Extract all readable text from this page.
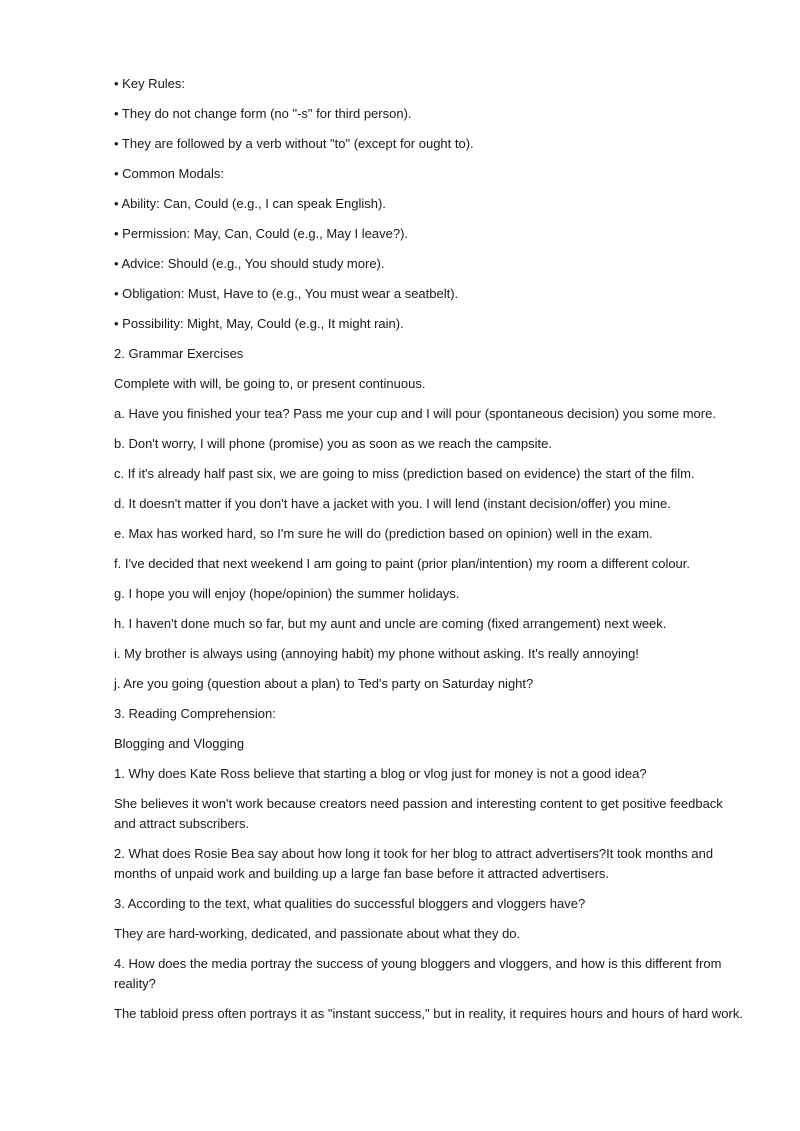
• Key Rules:

• They do not change form (no "-s" for third person).

• They are followed by a verb without "to" (except for ought to).

• Common Modals:

• Ability: Can, Could (e.g., I can speak English).

• Permission: May, Can, Could (e.g., May I leave?).

• Advice: Should (e.g., You should study more).

• Obligation: Must, Have to (e.g., You must wear a seatbelt).

• Possibility: Might, May, Could (e.g., It might rain).

2. Grammar Exercises

Complete with will, be going to, or present continuous.

a. Have you finished your tea? Pass me your cup and I will pour (spontaneous decision) you some more.

b. Don't worry, I will phone (promise) you as soon as we reach the campsite.

c. If it's already half past six, we are going to miss (prediction based on evidence) the start of the film.

d. It doesn't matter if you don't have a jacket with you. I will lend (instant decision/offer) you mine.

e. Max has worked hard, so I'm sure he will do (prediction based on opinion) well in the exam.

f. I've decided that next weekend I am going to paint (prior plan/intention) my room a different colour.

g. I hope you will enjoy (hope/opinion) the summer holidays.

h. I haven't done much so far, but my aunt and uncle are coming (fixed arrangement) next week.

i. My brother is always using (annoying habit) my phone without asking. It's really annoying!

j. Are you going (question about a plan) to Ted's party on Saturday night?

3. Reading Comprehension:

Blogging and Vlogging

1. Why does Kate Ross believe that starting a blog or vlog just for money is not a good idea?

She believes it won't work because creators need passion and interesting content to get positive feedback and attract subscribers.

2. What does Rosie Bea say about how long it took for her blog to attract advertisers?It took months and months of unpaid work and building up a large fan base before it attracted advertisers.

3. According to the text, what qualities do successful bloggers and vloggers have?

They are hard-working, dedicated, and passionate about what they do.

4. How does the media portray the success of young bloggers and vloggers, and how is this different from reality?

The tabloid press often portrays it as "instant success," but in reality, it requires hours and hours of hard work.
